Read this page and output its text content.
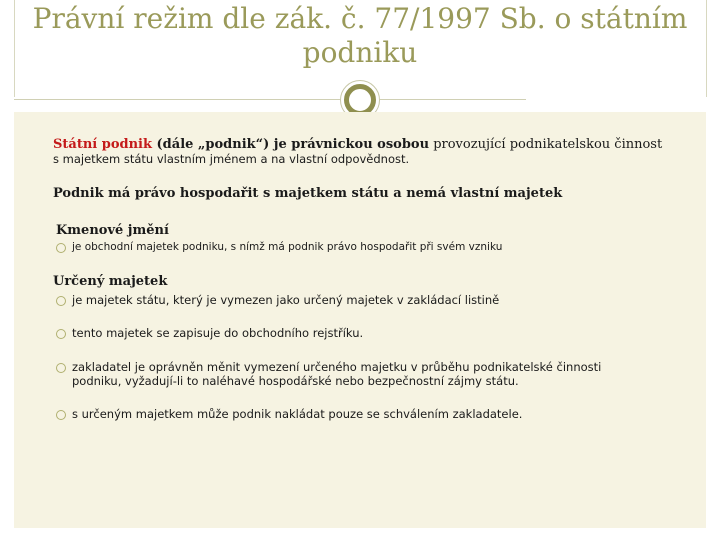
Právní režim dle zák. č. 77/1997 Sb. o státním
podniku
Státní podnik (dále „podnik“) je právnickou osobou provozující podnikatelskou činnost
s majetkem státu vlastním jménem a na vlastní odpovědnost.
Podnik má právo hospodařit s majetkem státu a nemá vlastní majetek
Kmenové jmění
je obchodní majetek podniku, s nímž má podnik právo hospodařit při svém vzniku
Určený majetek
je majetek státu, který je vymezen jako určený majetek v zakládací listině
tento majetek se zapisuje do obchodního rejstříku.
zakladatel je oprávněn měnit vymezení určeného majetku v průběhu podnikatelské činnosti
podniku, vyžadují-li to naléhavé hospodářské nebo bezpečnostní zájmy státu.
s určeným majetkem může podnik nakládat pouze se schválením zakladatele.
